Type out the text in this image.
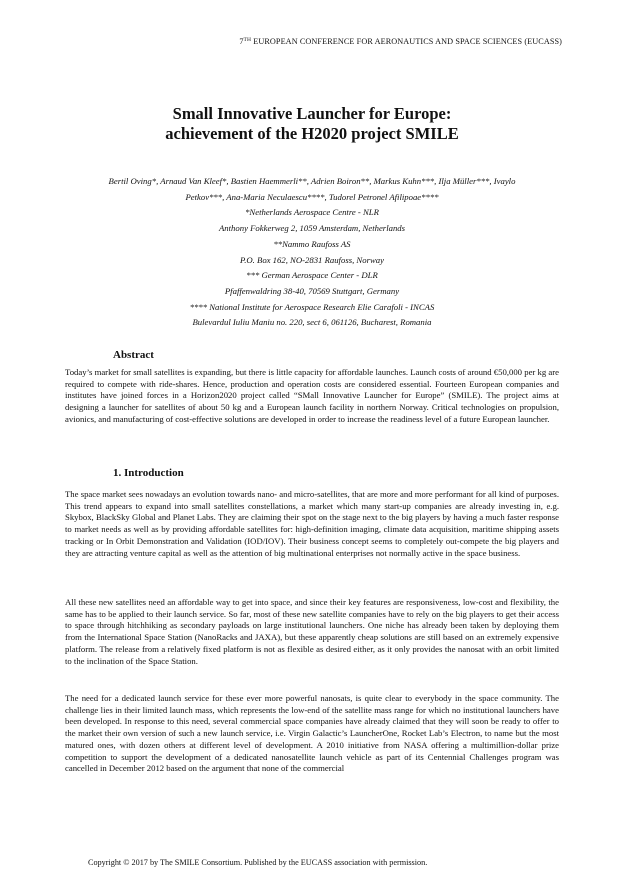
7TH EUROPEAN CONFERENCE FOR AERONAUTICS AND SPACE SCIENCES (EUCASS)
Small Innovative Launcher for Europe:
achievement of the H2020 project SMILE
Bertil Oving*, Arnaud Van Kleef*, Bastien Haemmerli**, Adrien Boiron**, Markus Kuhn***, Ilja Müller***, Ivaylo
Petkov***, Ana-Maria Neculaescu****, Tudorel Petronel Afilipoae****
*Netherlands Aerospace Centre - NLR
Anthony Fokkerweg 2, 1059 Amsterdam, Netherlands
**Nammo Raufoss AS
P.O. Box 162, NO-2831 Raufoss, Norway
*** German Aerospace Center - DLR
Pfaffenwaldring 38-40, 70569 Stuttgart, Germany
**** National Institute for Aerospace Research Elie Carafoli - INCAS
Bulevardul Iuliu Maniu no. 220, sect 6, 061126, Bucharest, Romania
Abstract
Today’s market for small satellites is expanding, but there is little capacity for affordable launches. Launch costs of around €50,000 per kg are required to compete with ride-shares. Hence, production and operation costs are considered essential. Fourteen European companies and institutes have joined forces in a Horizon2020 project called “SMall Innovative Launcher for Europe” (SMILE). The project aims at designing a launcher for satellites of about 50 kg and a European launch facility in northern Norway. Critical technologies on propulsion, avionics, and manufacturing of cost-effective solutions are developed in order to increase the readiness level of a future European launcher.
1. Introduction
The space market sees nowadays an evolution towards nano- and micro-satellites, that are more and more performant for all kind of purposes. This trend appears to expand into small satellites constellations, a market which many start-up companies are already investing in, e.g. Skybox, BlackSky Global and Planet Labs. They are claiming their spot on the stage next to the big players by having a much faster response to market needs as well as by providing affordable satellites for: high-definition imaging, climate data acquisition, maritime shipping assets tracking or In Orbit Demonstration and Validation (IOD/IOV). Their business concept seems to completely out-compete the big players and they are attracting venture capital as well as the attention of big multinational enterprises not normally active in the space business.
All these new satellites need an affordable way to get into space, and since their key features are responsiveness, low-cost and flexibility, the same has to be applied to their launch service. So far, most of these new satellite companies have to rely on the big players to get their access to space through hitchhiking as secondary payloads on large institutional launchers. One niche has already been taken by deploying them from the International Space Station (NanoRacks and JAXA), but these apparently cheap solutions are still based on an extremely expensive platform. The release from a relatively fixed platform is not as flexible as desired either, as it only provides the nanosat with an orbit limited to the inclination of the Space Station.
The need for a dedicated launch service for these ever more powerful nanosats, is quite clear to everybody in the space community. The challenge lies in their limited launch mass, which represents the low-end of the satellite mass range for which no institutional launchers have been developed. In response to this need, several commercial space companies have already claimed that they will soon be ready to offer to the market their own version of such a new launch service, i.e. Virgin Galactic’s LauncherOne, Rocket Lab’s Electron, to name but the most matured ones, with dozen others at different level of development. A 2010 initiative from NASA offering a multimillion-dollar prize competition to support the development of a dedicated nanosatellite launch vehicle as part of its Centennial Challenges program was cancelled in December 2012 based on the argument that none of the commercial
Copyright © 2017 by The SMILE Consortium. Published by the EUCASS association with permission.
